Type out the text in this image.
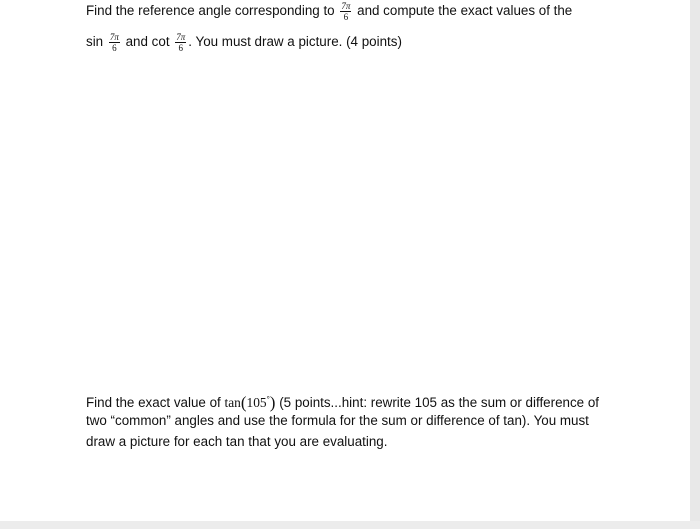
Find the reference angle corresponding to $\frac{7\pi}{6}$ and compute the exact values of the
$\sin \frac{7\pi}{6}$ and $\cot \frac{7\pi}{6}$ . You must draw a picture. (4 points)
Find the exact value of tan(105°) (5 points...hint: rewrite 105 as the sum or difference of
two “common” angles and use the formula for the sum or difference of tan). You must
draw a picture for each tan that you are evaluating.
